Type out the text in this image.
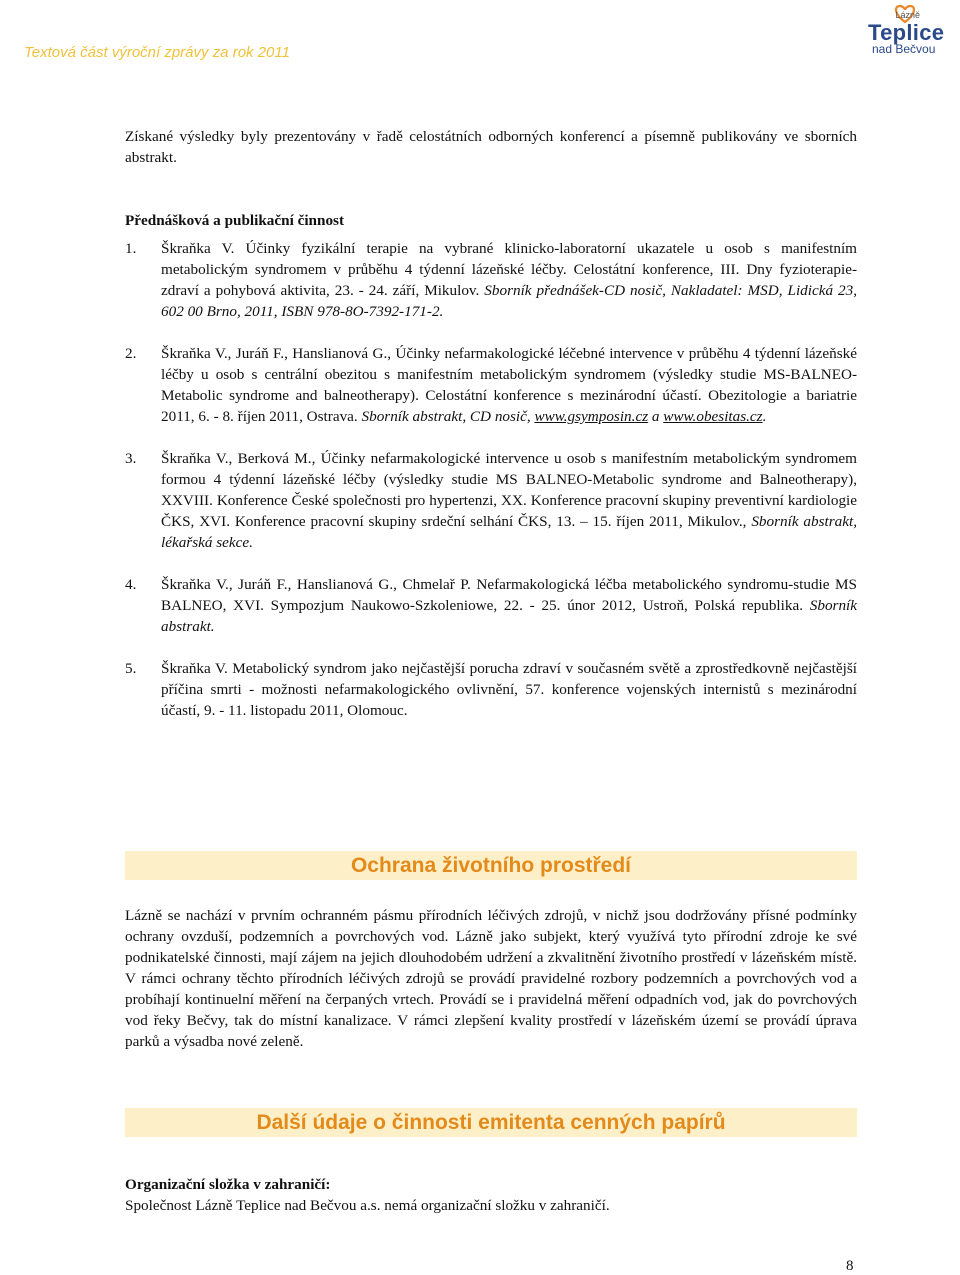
Textová část výroční zprávy za rok 2011
Lázně
Teplice
nad Bečvou

Získané výsledky byly prezentovány v řadě celostátních odborných konferencí a písemně publikovány ve sborních abstrakt.

Přednášková a publikační činnost

1. Škraňka V. Účinky fyzikální terapie na vybrané klinicko-laboratorní ukazatele u osob s manifestním metabolickým syndromem v průběhu 4 týdenní lázeňské léčby. Celostátní konference, III. Dny fyzioterapie-zdraví a pohybová aktivita, 23. - 24. září, Mikulov. Sborník přednášek-CD nosič, Nakladatel: MSD, Lidická 23, 602 00 Brno, 2011, ISBN 978-8O-7392-171-2.
2. Škraňka V., Juráň F., Hanslianová G., Účinky nefarmakologické léčebné intervence v průběhu 4 týdenní lázeňské léčby u osob s centrální obezitou s manifestním metabolickým syndromem (výsledky studie MS-BALNEO-Metabolic syndrome and balneotherapy). Celostátní konference s mezinárodní účastí. Obezitologie a bariatrie 2011, 6. - 8. říjen 2011, Ostrava. Sborník abstrakt, CD nosič, www.gsymposin.cz a www.obesitas.cz.
3. Škraňka V., Berková M., Účinky nefarmakologické intervence u osob s manifestním metabolickým syndromem formou 4 týdenní lázeňské léčby (výsledky studie MS BALNEO-Metabolic syndrome and Balneotherapy), XXVIII. Konference České společnosti pro hypertenzi, XX. Konference pracovní skupiny preventivní kardiologie ČKS, XVI. Konference pracovní skupiny srdeční selhání ČKS, 13. – 15. říjen 2011, Mikulov., Sborník abstrakt, lékařská sekce.
4. Škraňka V., Juráň F., Hanslianová G., Chmelař P. Nefarmakologická léčba metabolického syndromu-studie MS BALNEO, XVI. Sympozjum Naukowo-Szkoleniowe, 22. - 25. únor 2012, Ustroň, Polská republika. Sborník abstrakt.
5. Škraňka V. Metabolický syndrom jako nejčastější porucha zdraví v současném světě a zprostředkovně nejčastější příčina smrti - možnosti nefarmakologického ovlivnění, 57. konference vojenských internistů s mezinárodní účastí, 9. - 11. listopadu 2011, Olomouc.
Ochrana životního prostředí

Lázně se nachází v prvním ochranném pásmu přírodních léčivých zdrojů, v nichž jsou dodržovány přísné podmínky ochrany ovzduší, podzemních a povrchových vod. Lázně jako subjekt, který využívá tyto přírodní zdroje ke své podnikatelské činnosti, mají zájem na jejich dlouhodobém udržení a zkvalitnění životního prostředí v lázeňském místě. V rámci ochrany těchto přírodních léčivých zdrojů se provádí pravidelné rozbory podzemních a povrchových vod a probíhají kontinuelní měření na čerpaných vrtech. Provádí se i pravidelná měření odpadních vod, jak do povrchových vod řeky Bečvy, tak do místní kanalizace. V rámci zlepšení kvality prostředí v lázeňském území se provádí úprava parků a výsadba nové zeleně.

Další údaje o činnosti emitenta cenných papírů

Organizační složka v zahraničí:

Společnost Lázně Teplice nad Bečvou a.s. nemá organizační složku v zahraničí.

8
